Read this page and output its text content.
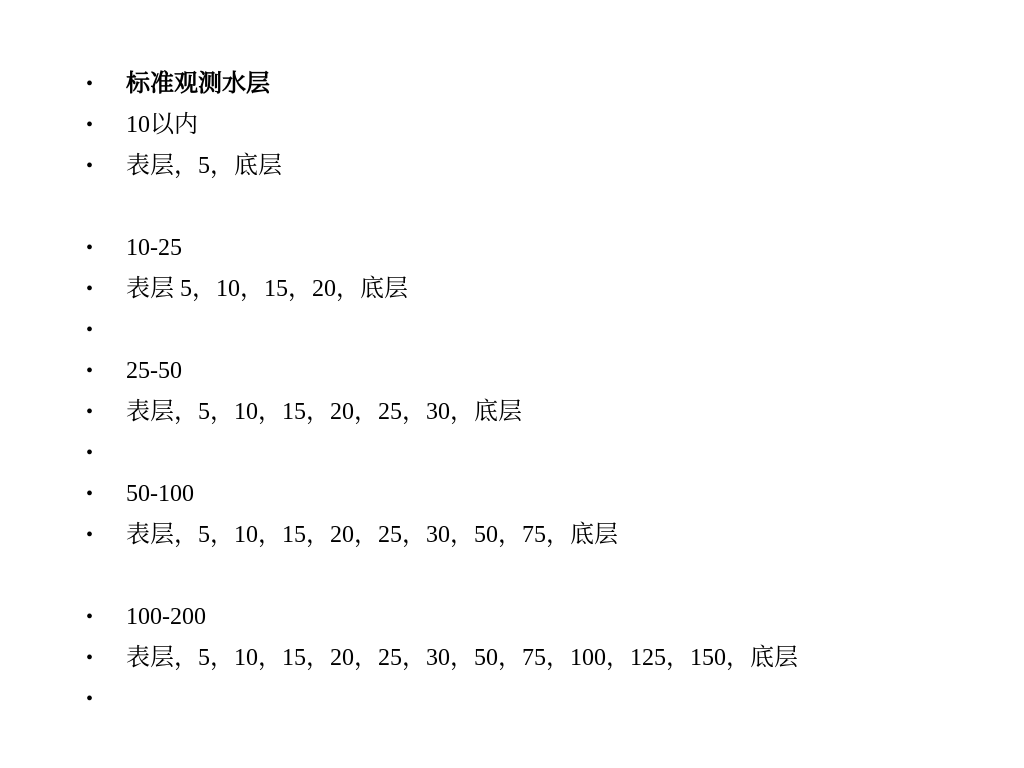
•	标准观测水层
•	10以内
•	表层，5，底层
•	10-25
•	表层 5，10，15，20，底层
•
•	25-50
•	表层，5，10，15，20，25，30，底层
•
•	50-100
•	表层，5，10，15，20，25，30，50，75，底层
•	100-200
•	表层，5，10，15，20，25，30，50，75，100，125，150，底层
•
